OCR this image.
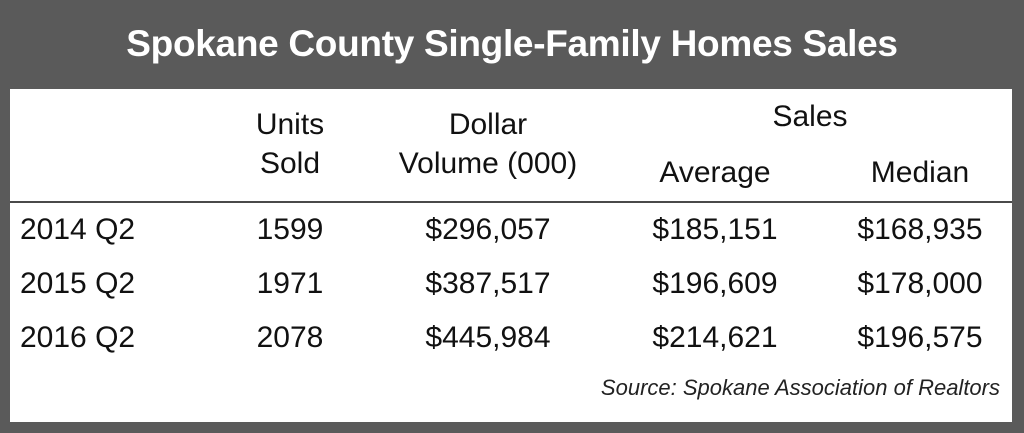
Spokane County Single-Family Homes Sales
Units
Sold
Dollar
Volume (000)
Sales
Average	Median
2014 Q2	1599	$296,057	$185,151	$168,935
2015 Q2	1971	$387,517	$196,609	$178,000
2016 Q2	2078	$445,984	$214,621	$196,575
Source: Spokane Association of Realtors
